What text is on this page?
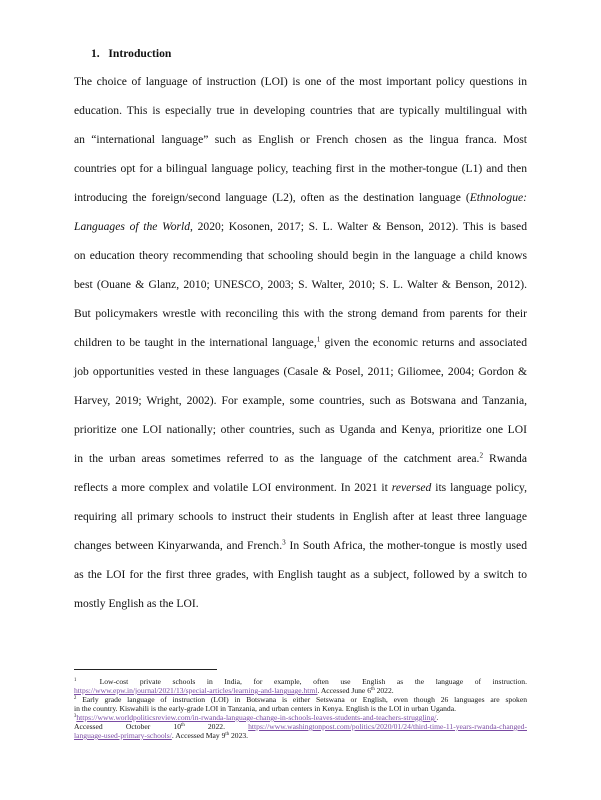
1. Introduction
The choice of language of instruction (LOI) is one of the most important policy questions in
education. This is especially true in developing countries that are typically multilingual with
an “international language” such as English or French chosen as the lingua franca. Most
countries opt for a bilingual language policy, teaching first in the mother-tongue (L1) and then
introducing the foreign/second language (L2), often as the destination language (Ethnologue:
Languages of the World, 2020; Kosonen, 2017; S. L. Walter & Benson, 2012). This is based
on education theory recommending that schooling should begin in the language a child knows
best (Ouane & Glanz, 2010; UNESCO, 2003; S. Walter, 2010; S. L. Walter & Benson, 2012).
But policymakers wrestle with reconciling this with the strong demand from parents for their
children to be taught in the international language,$^1$ given the economic returns and associated
job opportunities vested in these languages (Casale & Posel, 2011; Giliomee, 2004; Gordon &
Harvey, 2019; Wright, 2002). For example, some countries, such as Botswana and Tanzania,
prioritize one LOI nationally; other countries, such as Uganda and Kenya, prioritize one LOI
in the urban areas sometimes referred to as the language of the catchment area.$^2$ Rwanda
reflects a more complex and volatile LOI environment. In 2021 it reversed its language policy,
requiring all primary schools to instruct their students in English after at least three language
changes between Kinyarwanda, and French.$^3$ In South Africa, the mother-tongue is mostly used
as the LOI for the first three grades, with English taught as a subject, followed by a switch to
mostly English as the LOI.
$^1$	Low-cost private schools in India, for example, often use English as the language of instruction.
https://www.epw.in/journal/2021/13/special-articles/learning-and-language.html. Accessed June 6th 2022.
$^2$ Early grade language of instruction (LOI) in Botswana is either Setswana or English, even though 26 languages are spoken
in the country. Kiswahili is the early-grade LOI in Tanzania, and urban centers in Kenya. English is the LOI in urban Uganda.
$^3$https://www.worldpoliticsreview.com/in-rwanda-language-change-in-schools-leaves-students-and-teachers-struggling/.
Accessed October 10th 2022. https://www.washingtonpost.com/politics/2020/01/24/third-time-11-years-rwanda-changed-
language-used-primary-schools/. Accessed May 9th 2023.
